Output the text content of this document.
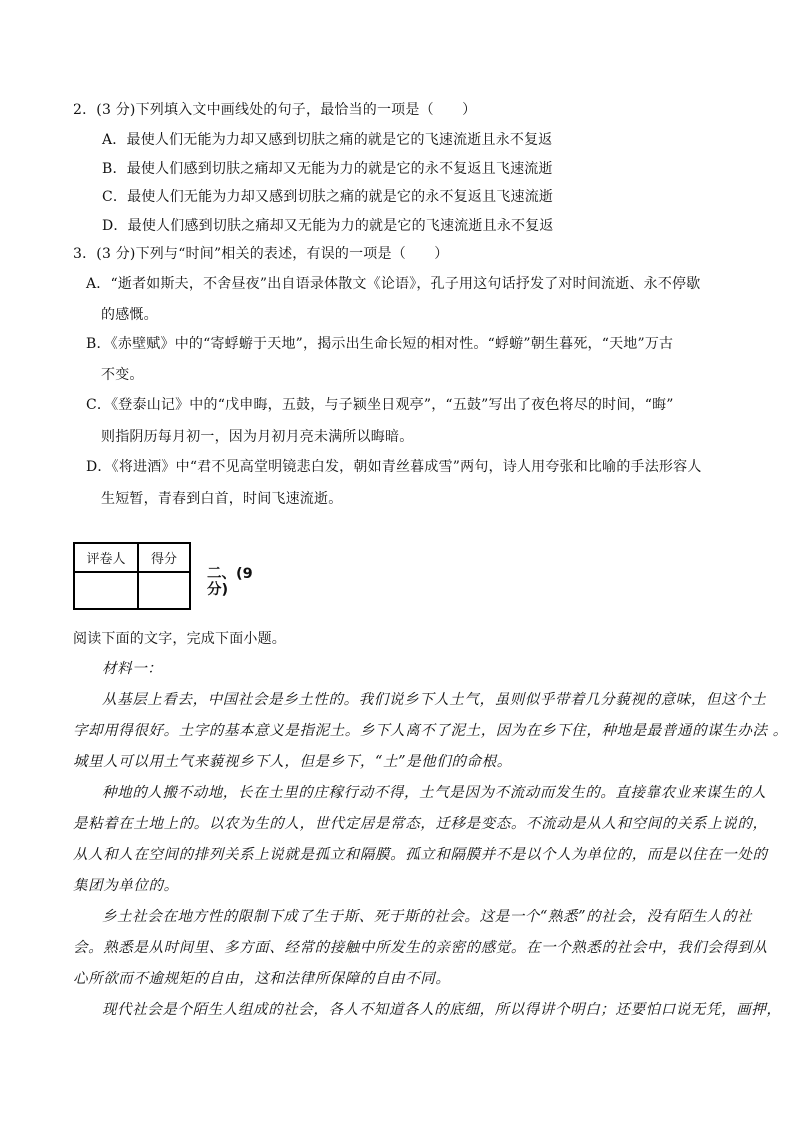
2．(3 分)下列填入文中画线处的句子，最恰当的一项是（　　）
A．最使人们无能为力却又感到切肤之痛的就是它的飞速流逝且永不复返
B．最使人们感到切肤之痛却又无能为力的就是它的永不复返且飞速流逝
C．最使人们无能为力却又感到切肤之痛的就是它的永不复返且飞速流逝
D．最使人们感到切肤之痛却又无能为力的就是它的飞速流逝且永不复返
3．(3 分)下列与“时间”相关的表述，有误的一项是（　　）
A．“逝者如斯夫，不舍昼夜”出自语录体散文《论语》，孔子用这句话抒发了对时间流逝、永不停歇
的感慨。
B．《赤壁赋》中的“寄蜉蝣于天地”，揭示出生命长短的相对性。“蜉蝣”朝生暮死，“天地”万古
不变。
C．《登泰山记》中的“戊申晦，五鼓，与子颍坐日观亭”，“五鼓”写出了夜色将尽的时间，“晦”
则指阴历每月初一，因为月初月亮未满所以晦暗。
D．《将进酒》中“君不见高堂明镜悲白发，朝如青丝暮成雪”两句，诗人用夸张和比喻的手法形容人
生短暂，青春到白首，时间飞速流逝。
评卷人	得分

二、(9
分)
阅读下面的文字，完成下面小题。
材料一：
从基层上看去，中国社会是乡土性的。我们说乡下人土气，虽则似乎带着几分藐视的意味，但这个土
字却用得很好。土字的基本意义是指泥土。乡下人离不了泥土，因为在乡下住，种地是最普通的谋生办法 。
城里人可以用土气来藐视乡下人，但是乡下，“土”是他们的命根。
种地的人搬不动地，长在土里的庄稼行动不得，土气是因为不流动而发生的。直接靠农业来谋生的人
是粘着在土地上的。以农为生的人，世代定居是常态，迁移是变态。不流动是从人和空间的关系上说的，
从人和人在空间的排列关系上说就是孤立和隔膜。孤立和隔膜并不是以个人为单位的，而是以住在一处的
集团为单位的。
乡土社会在地方性的限制下成了生于斯、死于斯的社会。这是一个“熟悉”的社会，没有陌生人的社
会。熟悉是从时间里、多方面、经常的接触中所发生的亲密的感觉。在一个熟悉的社会中，我们会得到从
心所欲而不逾规矩的自由，这和法律所保障的自由不同。
现代社会是个陌生人组成的社会，各人不知道各人的底细，所以得讲个明白；还要怕口说无凭，画押，
